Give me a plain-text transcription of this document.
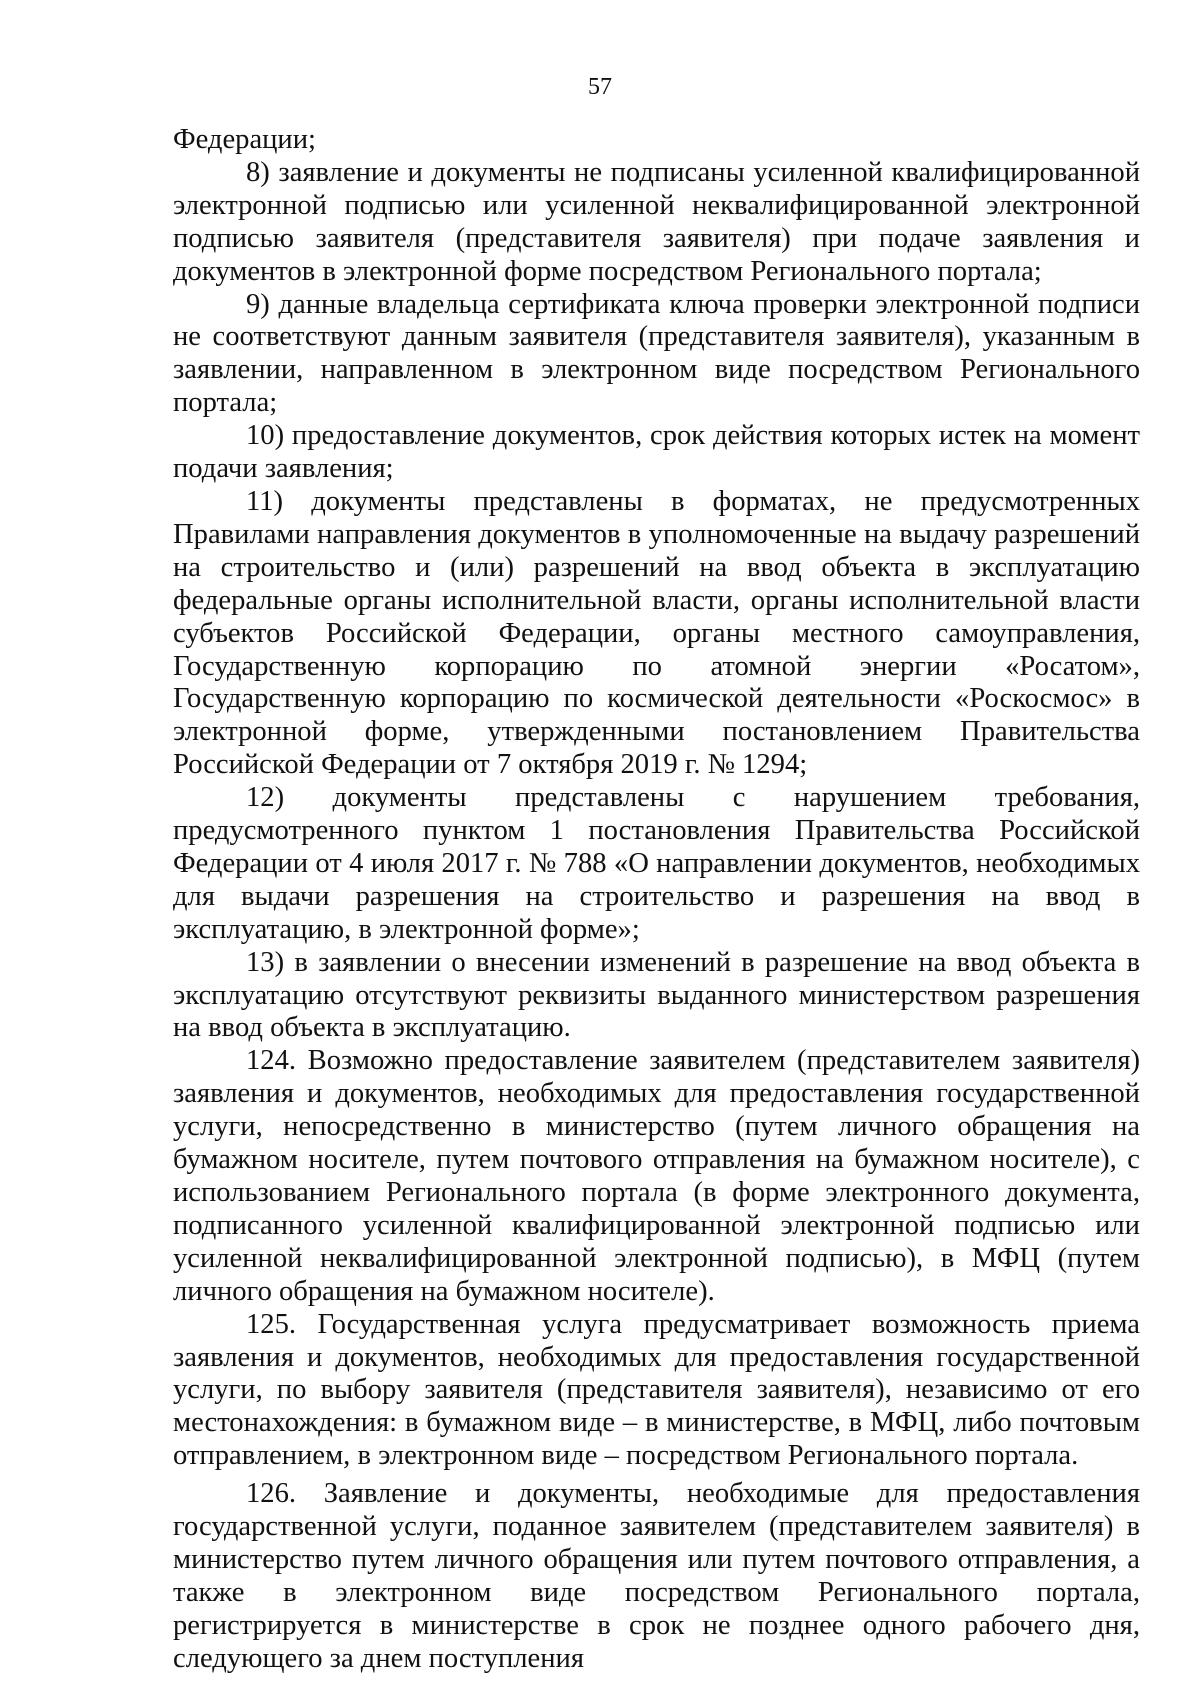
57

Федерации;

8) заявление и документы не подписаны усиленной квалифицированной электронной подписью или усиленной неквалифицированной электронной подписью заявителя (представителя заявителя) при подаче заявления и документов в электронной форме посредством Регионального портала;

9) данные владельца сертификата ключа проверки электронной подписи не соответствуют данным заявителя (представителя заявителя), указанным в заявлении, направленном в электронном виде посредством Регионального портала;

10) предоставление документов, срок действия которых истек на момент подачи заявления;

11) документы представлены в форматах, не предусмотренных Правилами направления документов в уполномоченные на выдачу разрешений на строительство и (или) разрешений на ввод объекта в эксплуатацию федеральные органы исполнительной власти, органы исполнительной власти субъектов Российской Федерации, органы местного самоуправления, Государственную корпорацию по атомной энергии «Росатом», Государственную корпорацию по космической деятельности «Роскосмос» в электронной форме, утвержденными постановлением Правительства Российской Федерации от 7 октября 2019 г. № 1294;

12) документы представлены с нарушением требования, предусмотренного пунктом 1 постановления Правительства Российской Федерации от 4 июля 2017 г. № 788 «О направлении документов, необходимых для выдачи разрешения на строительство и разрешения на ввод в эксплуатацию, в электронной форме»;

13) в заявлении о внесении изменений в разрешение на ввод объекта в эксплуатацию отсутствуют реквизиты выданного министерством разрешения на ввод объекта в эксплуатацию.

124. Возможно предоставление заявителем (представителем заявителя) заявления и документов, необходимых для предоставления государственной услуги, непосредственно в министерство (путем личного обращения на бумажном носителе, путем почтового отправления на бумажном носителе), с использованием Регионального портала (в форме электронного документа, подписанного усиленной квалифицированной электронной подписью или усиленной неквалифицированной электронной подписью), в МФЦ (путем личного обращения на бумажном носителе).

125. Государственная услуга предусматривает возможность приема заявления и документов, необходимых для предоставления государственной услуги, по выбору заявителя (представителя заявителя), независимо от его местонахождения: в бумажном виде – в министерстве, в МФЦ, либо почтовым отправлением, в электронном виде – посредством Регионального портала.

126. Заявление и документы, необходимые для предоставления государственной услуги, поданное заявителем (представителем заявителя) в министерство путем личного обращения или путем почтового отправления, а также в электронном виде посредством Регионального портала, регистрируется в министерстве в срок не позднее одного рабочего дня, следующего за днем поступления
